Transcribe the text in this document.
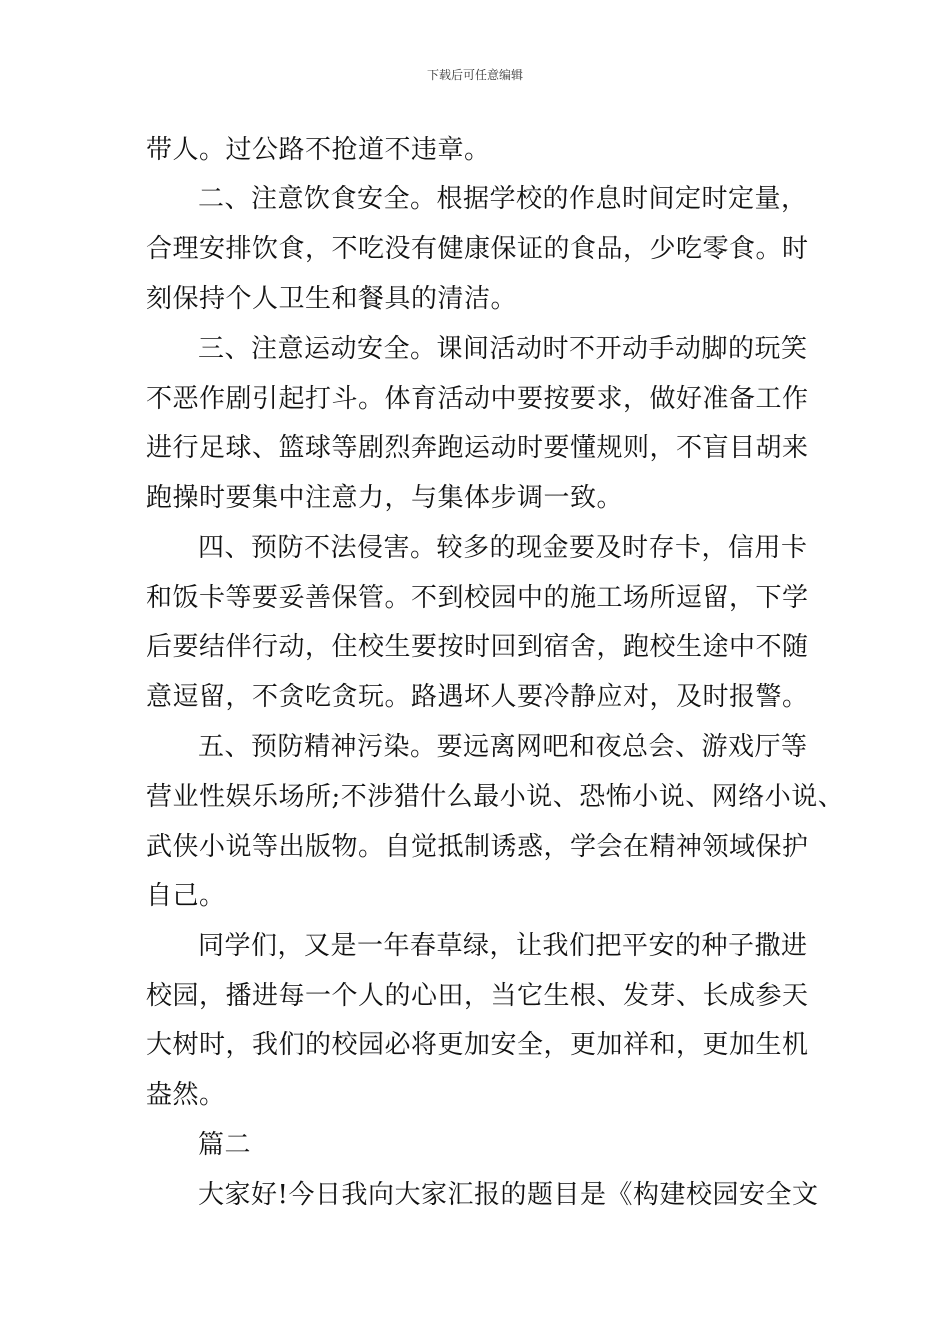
下载后可任意编辑
带人。过公路不抢道不违章。
二、注意饮食安全。根据学校的作息时间定时定量，
合理安排饮食，不吃没有健康保证的食品，少吃零食。时
刻保持个人卫生和餐具的清洁。
三、注意运动安全。课间活动时不开动手动脚的玩笑
不恶作剧引起打斗。体育活动中要按要求，做好准备工作
进行足球、篮球等剧烈奔跑运动时要懂规则，不盲目胡来
跑操时要集中注意力，与集体步调一致。
四、预防不法侵害。较多的现金要及时存卡，信用卡
和饭卡等要妥善保管。不到校园中的施工场所逗留，下学
后要结伴行动，住校生要按时回到宿舍，跑校生途中不随
意逗留，不贪吃贪玩。路遇坏人要冷静应对，及时报警。
五、预防精神污染。要远离网吧和夜总会、游戏厅等
营业性娱乐场所;不涉猎什么最小说、恐怖小说、网络小说、
武侠小说等出版物。自觉抵制诱惑，学会在精神领域保护
自己。
同学们，又是一年春草绿，让我们把平安的种子撒进
校园，播进每一个人的心田，当它生根、发芽、长成参天
大树时，我们的校园必将更加安全，更加祥和，更加生机
盎然。
篇二
大家好!今日我向大家汇报的题目是《构建校园安全文
